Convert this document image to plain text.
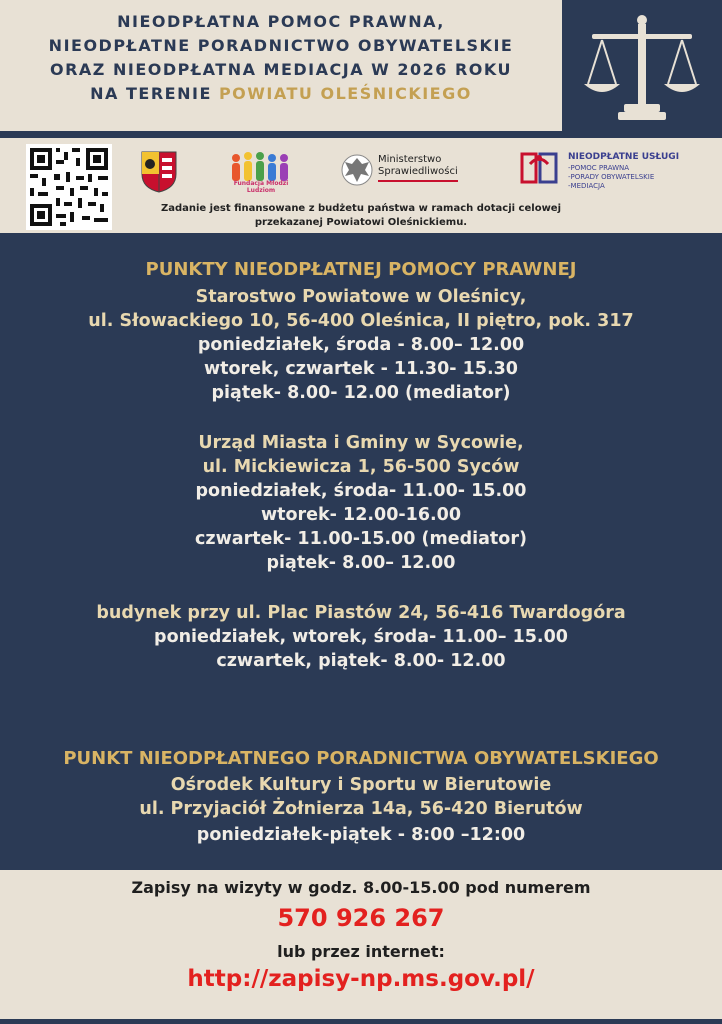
NIEODPŁATNA POMOC PRAWNA,
NIEODPŁATNE PORADNICTWO OBYWATELSKIE
ORAZ NIEODPŁATNA MEDIACJA W 2026 ROKU
NA TERENIE POWIATU OLEŚNICKIEGO
Fundacja Młodzi Ludziom
Ministerstwo
Sprawiedliwości
NIEODPŁATNE USŁUGI
-POMOC PRAWNA
-PORADY OBYWATELSKIE
-MEDIACJA
Zadanie jest finansowane z budżetu państwa w ramach dotacji celowej
przekazanej Powiatowi Oleśnickiemu.
PUNKTY NIEODPŁATNEJ POMOCY PRAWNEJ
Starostwo Powiatowe w Oleśnicy,
ul. Słowackiego 10, 56-400 Oleśnica, II piętro, pok. 317
poniedziałek, środa - 8.00– 12.00
wtorek, czwartek - 11.30- 15.30
piątek- 8.00- 12.00 (mediator)
Urząd Miasta i Gminy w Sycowie,
ul. Mickiewicza 1, 56-500 Syców
poniedziałek, środa- 11.00- 15.00
wtorek- 12.00-16.00
czwartek- 11.00-15.00 (mediator)
piątek- 8.00– 12.00
budynek przy ul. Plac Piastów 24, 56-416 Twardogóra
poniedziałek, wtorek, środa- 11.00– 15.00
czwartek, piątek- 8.00- 12.00
PUNKT NIEODPŁATNEGO PORADNICTWA OBYWATELSKIEGO
Ośrodek Kultury i Sportu w Bierutowie
ul. Przyjaciół Żołnierza 14a, 56-420 Bierutów
poniedziałek-piątek - 8:00 –12:00
Zapisy na wizyty w godz. 8.00-15.00 pod numerem
570 926 267
lub przez internet:
http://zapisy-np.ms.gov.pl/
